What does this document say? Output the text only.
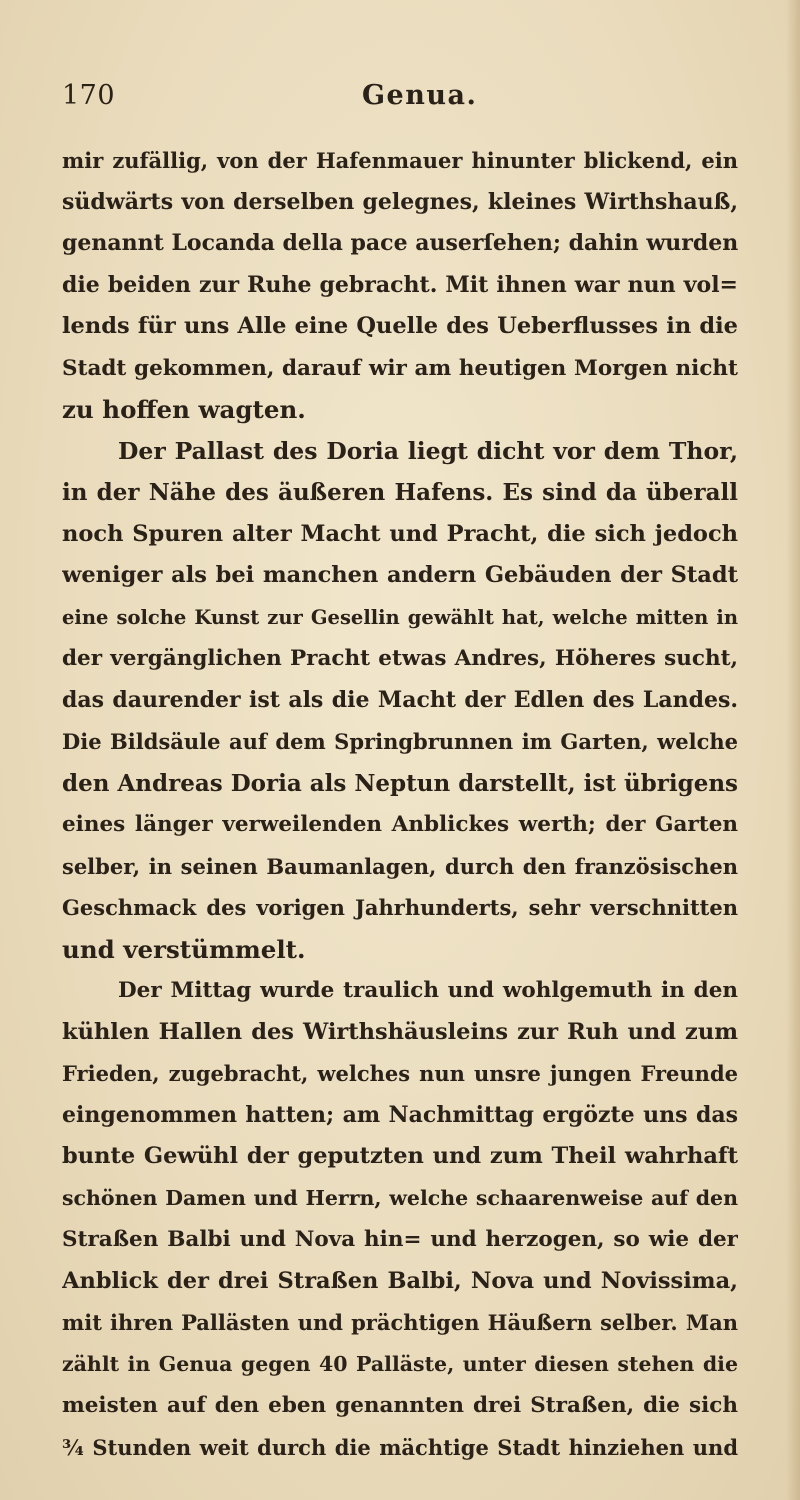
170	Genua.
mir zufällig, von der Hafenmauer hinunter blickend, ein
südwärts von derselben gelegnes, kleines Wirthshauß,
genannt Locanda della pace auserſehen; dahin wurden
die beiden zur Ruhe gebracht. Mit ihnen war nun vol=
lends für uns Alle eine Quelle des Ueberflusses in die
Stadt gekommen, darauf wir am heutigen Morgen nicht
zu hoffen wagten.
Der Pallast des Doria liegt dicht vor dem Thor,
in der Nähe des äußeren Hafens. Es sind da überall
noch Spuren alter Macht und Pracht, die sich jedoch
weniger als bei manchen andern Gebäuden der Stadt
eine solche Kunst zur Gesellin gewählt hat, welche mitten in
der vergänglichen Pracht etwas Andres, Höheres sucht,
das daurender ist als die Macht der Edlen des Landes.
Die Bildsäule auf dem Springbrunnen im Garten, welche
den Andreas Doria als Neptun darstellt, ist übrigens
eines länger verweilenden Anblickes werth; der Garten
selber, in seinen Baumanlagen, durch den französischen
Geschmack des vorigen Jahrhunderts, sehr verschnitten
und verstümmelt.
Der Mittag wurde traulich und wohlgemuth in den
kühlen Hallen des Wirthshäusleins zur Ruh und zum
Frieden, zugebracht, welches nun unsre jungen Freunde
eingenommen hatten; am Nachmittag ergözte uns das
bunte Gewühl der geputzten und zum Theil wahrhaft
schönen Damen und Herrn, welche schaarenweise auf den
Straßen Balbi und Nova hin= und herzogen, so wie der
Anblick der drei Straßen Balbi, Nova und Novissima,
mit ihren Pallästen und prächtigen Häußern selber. Man
zählt in Genua gegen 40 Palläste, unter diesen stehen die
meisten auf den eben genannten drei Straßen, die sich
¾ Stunden weit durch die mächtige Stadt hinziehen und
